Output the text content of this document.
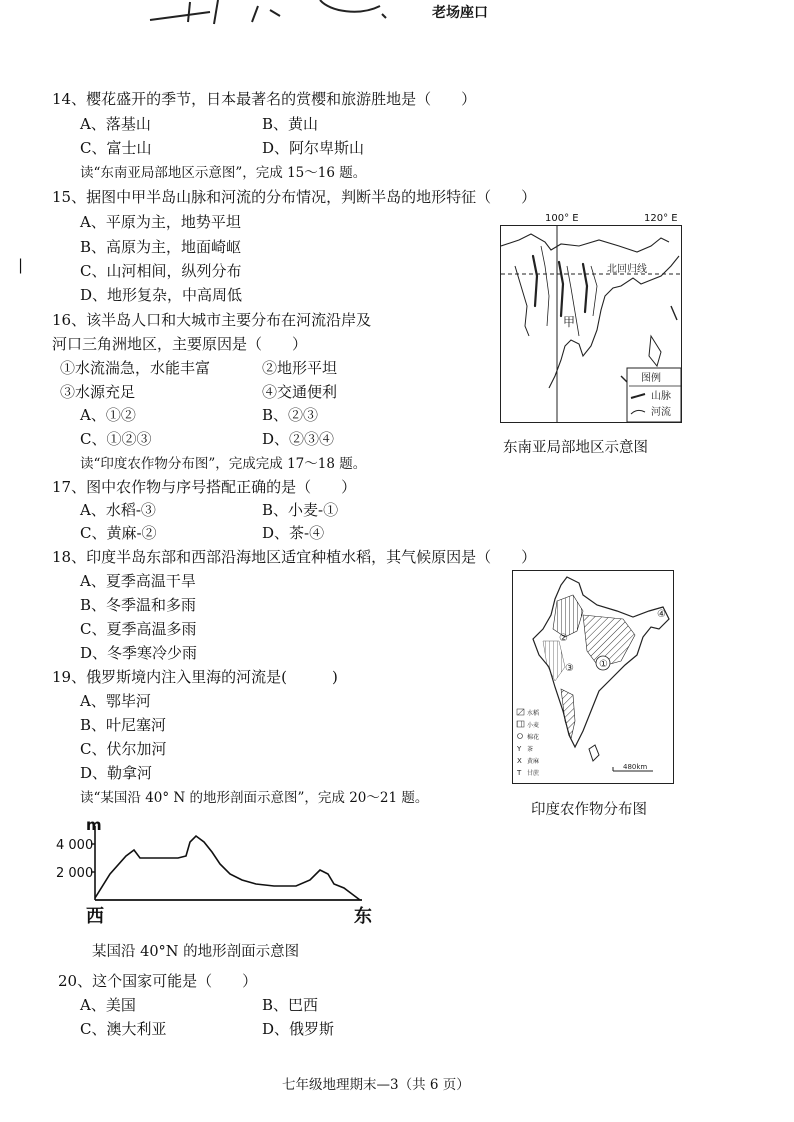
老场座口
14、樱花盛开的季节，日本最著名的赏樱和旅游胜地是（　　）
A、落基山	B、黄山
C、富士山	D、阿尔卑斯山
读“东南亚局部地区示意图”，完成 15～16 题。
15、据图中甲半岛山脉和河流的分布情况，判断半岛的地形特征（　　）
A、平原为主，地势平坦
B、高原为主，地面崎岖
C、山河相间，纵列分布
D、地形复杂，中高周低
|
16、该半岛人口和大城市主要分布在河流沿岸及
河口三角洲地区，主要原因是（　　）
①水流湍急，水能丰富	②地形平坦
③水源充足	④交通便利
A、①②	B、②③
C、①②③	D、②③④
读“印度农作物分布图”，完成完成 17～18 题。
17、图中农作物与序号搭配正确的是（　　）
A、水稻-③	B、小麦-①
C、黄麻-②	D、茶-④
18、印度半岛东部和西部沿海地区适宜种植水稻，其气候原因是（　　）
A、夏季高温干旱
B、冬季温和多雨
C、夏季高温多雨
D、冬季寒冷少雨
19、俄罗斯境内注入里海的河流是(　　　)
A、鄂毕河
B、叶尼塞河
C、伏尔加河
D、勒拿河
读“某国沿 40° N 的地形剖面示意图”，完成 20～21 题。
100° E	120° E
北回归线
甲
图例
山脉
河流
东南亚局部地区示意图
①
②
③
④
水稻
小麦
棉花
Y 茶
X 黄麻
T 甘蔗
480km
印度农作物分布图
m
4 000
2 000
西	东
某国沿 40°N 的地形剖面示意图
20、这个国家可能是（　　）
A、美国	B、巴西
C、澳大利亚	D、俄罗斯
七年级地理期末—3（共 6 页）
